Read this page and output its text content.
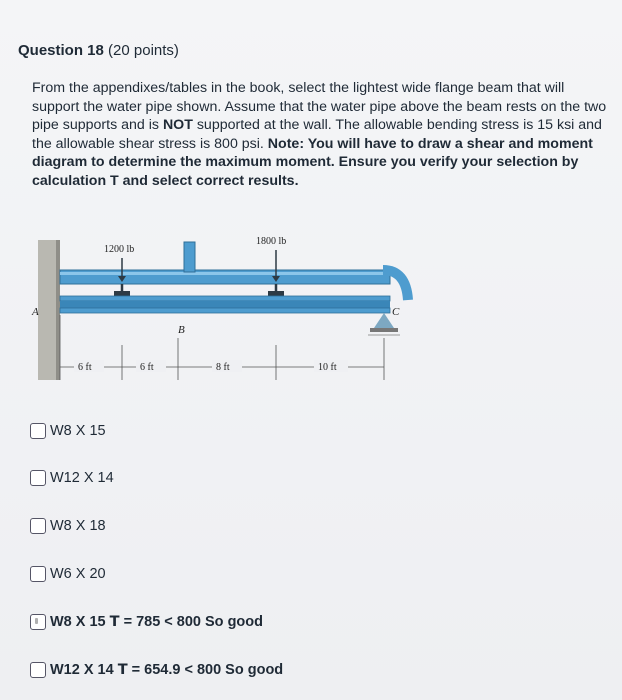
Question 18 (20 points)
From the appendixes/tables in the book, select the lightest wide flange beam that will support the water pipe shown. Assume that the water pipe above the beam rests on the two pipe supports and is NOT supported at the wall. The allowable bending stress is 15 ksi and the allowable shear stress is 800 psi. Note: You will have to draw a shear and moment diagram to determine the maximum moment. Ensure you verify your selection by calculation T and select correct results.
1200 lb
1800 lb
A
B
C
6 ft	6 ft	8 ft	10 ft
W8 X 15
W12 X 14
W8 X 18
W6 X 20
W8 X 15
T
= 785 < 800 So good
W12 X 14
T
= 654.9 < 800 So good
